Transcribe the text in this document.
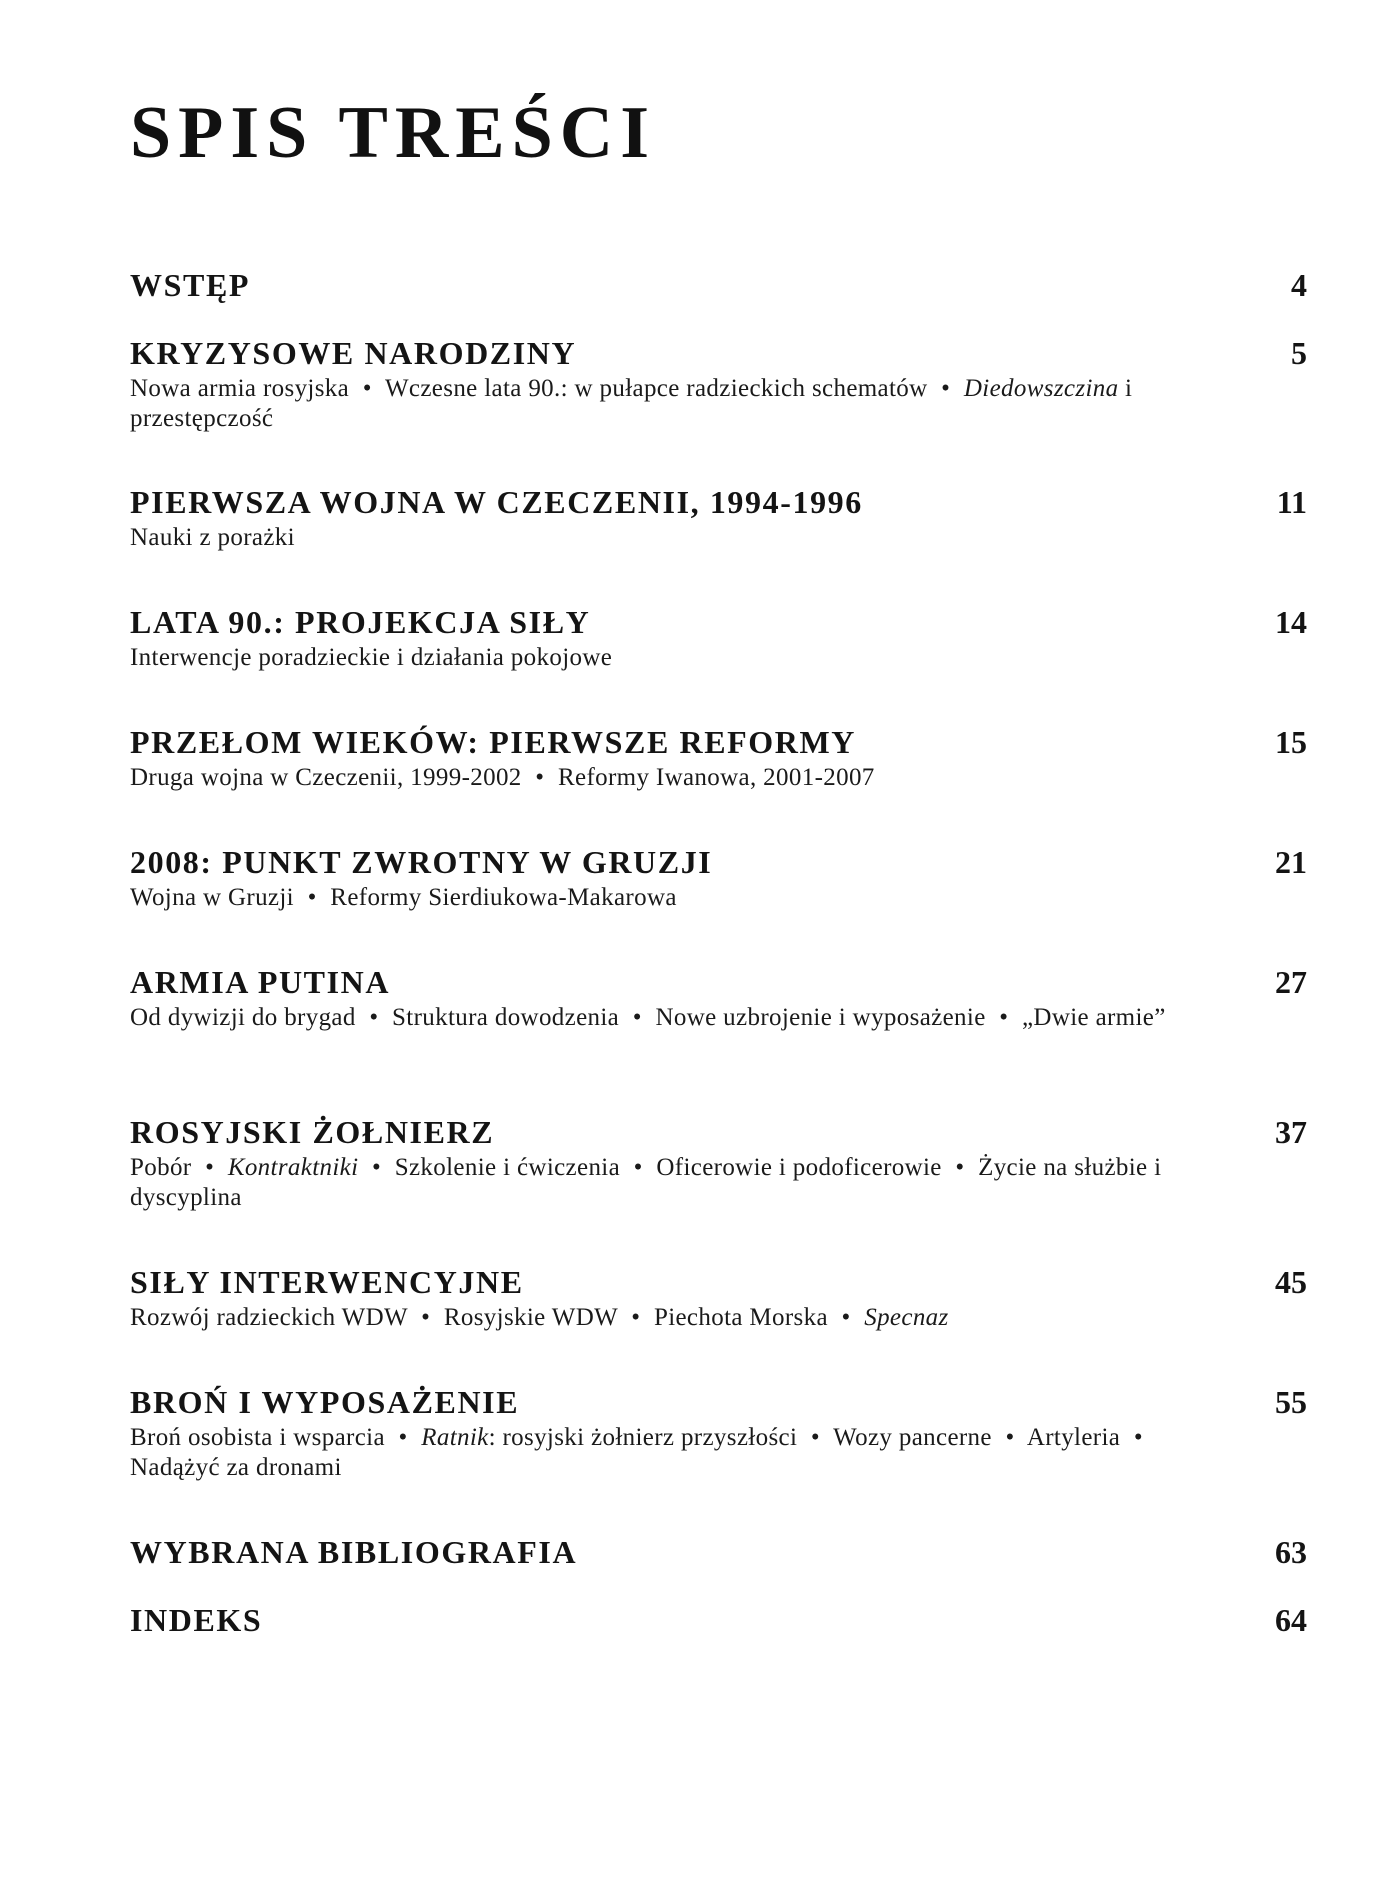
SPIS TREŚCI
WSTĘP	4
KRYZYSOWE NARODZINY	5
Nowa armia rosyjska • Wczesne lata 90.: w pułapce radzieckich schematów • Diedowszczina i przestępczość
PIERWSZA WOJNA W CZECZENII, 1994-1996	11
Nauki z porażki
LATA 90.: PROJEKCJA SIŁY	14
Interwencje poradzieckie i działania pokojowe
PRZEŁOM WIEKÓW: PIERWSZE REFORMY	15
Druga wojna w Czeczenii, 1999-2002 • Reformy Iwanowa, 2001-2007
2008: PUNKT ZWROTNY W GRUZJI	21
Wojna w Gruzji • Reformy Sierdiukowa-Makarowa
ARMIA PUTINA	27
Od dywizji do brygad • Struktura dowodzenia • Nowe uzbrojenie i wyposażenie • „Dwie armie”
ROSYJSKI ŻOŁNIERZ	37
Pobór • Kontraktniki • Szkolenie i ćwiczenia • Oficerowie i podoficerowie • Życie na służbie i dyscyplina
SIŁY INTERWENCYJNE	45
Rozwój radzieckich WDW • Rosyjskie WDW • Piechota Morska • Specnaz
BROŃ I WYPOSAŻENIE	55
Broń osobista i wsparcia • Ratnik: rosyjski żołnierz przyszłości • Wozy pancerne • Artyleria • Nadążyć za dronami
WYBRANA BIBLIOGRAFIA	63
INDEKS	64
